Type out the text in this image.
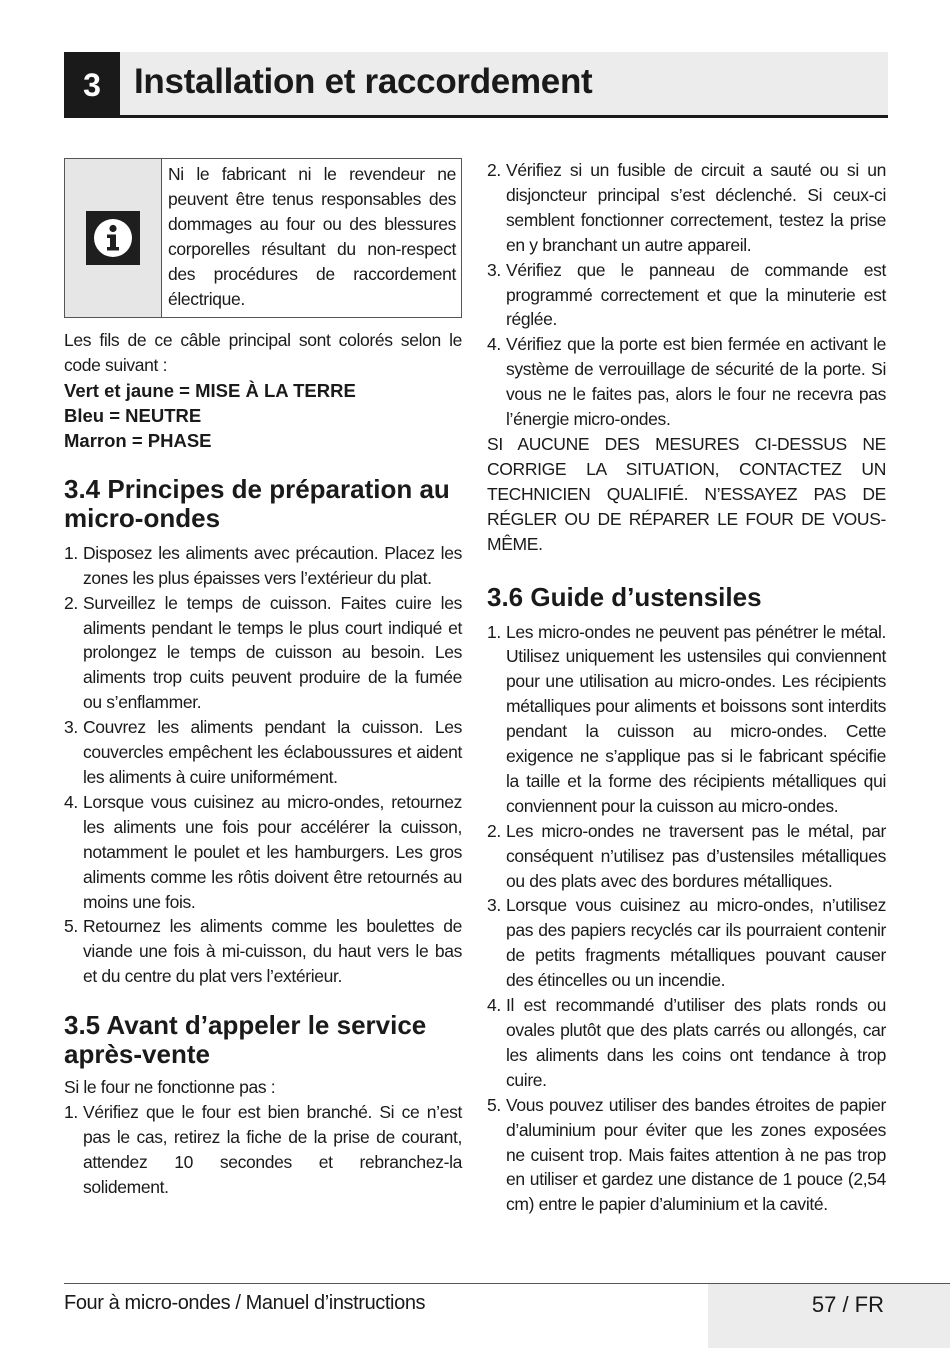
3 Installation et raccordement
Ni le fabricant ni le revendeur ne peuvent être tenus responsables des dommages au four ou des blessures corporelles résultant du non-respect des procédures de raccordement électrique.

Les fils de ce câble principal sont colorés selon le code suivant :

Vert et jaune = MISE À LA TERRE
Bleu = NEUTRE
Marron = PHASE
3.4 Principes de préparation au micro-ondes
1. Disposez les aliments avec précaution. Placez les zones les plus épaisses vers l’extérieur du plat.
2. Surveillez le temps de cuisson. Faites cuire les aliments pendant le temps le plus court indiqué et prolongez le temps de cuisson au besoin. Les aliments trop cuits peuvent produire de la fumée ou s’enflammer.
3. Couvrez les aliments pendant la cuisson. Les couvercles empêchent les éclaboussures et aident les aliments à cuire uniformément.
4. Lorsque vous cuisinez au micro-ondes, retournez les aliments une fois pour accélérer la cuisson, notamment le poulet et les hamburgers. Les gros aliments comme les rôtis doivent être retournés au moins une fois.
5. Retournez les aliments comme les boulettes de viande une fois à mi-cuisson, du haut vers le bas et du centre du plat vers l’extérieur.
3.5 Avant d’appeler le service après-vente

Si le four ne fonctionne pas :

1. Vérifiez que le four est bien branché. Si ce n’est pas le cas, retirez la fiche de la prise de courant, attendez 10 secondes et rebranchez-la solidement.
2. Vérifiez si un fusible de circuit a sauté ou si un disjoncteur principal s’est déclenché. Si ceux-ci semblent fonctionner correctement, testez la prise en y branchant un autre appareil.
3. Vérifiez que le panneau de commande est programmé correctement et que la minuterie est réglée.
4. Vérifiez que la porte est bien fermée en activant le système de verrouillage de sécurité de la porte. Si vous ne le faites pas, alors le four ne recevra pas l’énergie micro-ondes.

SI AUCUNE DES MESURES CI-DESSUS NE CORRIGE LA SITUATION, CONTACTEZ UN TECHNICIEN QUALIFIÉ. N’ESSAYEZ PAS DE RÉGLER OU DE RÉPARER LE FOUR DE VOUS-MÊME.

3.6 Guide d’ustensiles
1. Les micro-ondes ne peuvent pas pénétrer le métal. Utilisez uniquement les ustensiles qui conviennent pour une utilisation au micro-ondes. Les récipients métalliques pour aliments et boissons sont interdits pendant la cuisson au micro-ondes. Cette exigence ne s’applique pas si le fabricant spécifie la taille et la forme des récipients métalliques qui conviennent pour la cuisson au micro-ondes.
2. Les micro-ondes ne traversent pas le métal, par conséquent n’utilisez pas d’ustensiles métalliques ou des plats avec des bordures métalliques.
3. Lorsque vous cuisinez au micro-ondes, n’utilisez pas des papiers recyclés car ils pourraient contenir de petits fragments métalliques pouvant causer des étincelles ou un incendie.
4. Il est recommandé d’utiliser des plats ronds ou ovales plutôt que des plats carrés ou allongés, car les aliments dans les coins ont tendance à trop cuire.
5. Vous pouvez utiliser des bandes étroites de papier d’aluminium pour éviter que les zones exposées ne cuisent trop. Mais faites attention à ne pas trop en utiliser et gardez une distance de 1 pouce (2,54 cm) entre le papier d’aluminium et la cavité.
Four à micro-ondes / Manuel d’instructions	57 / FR
